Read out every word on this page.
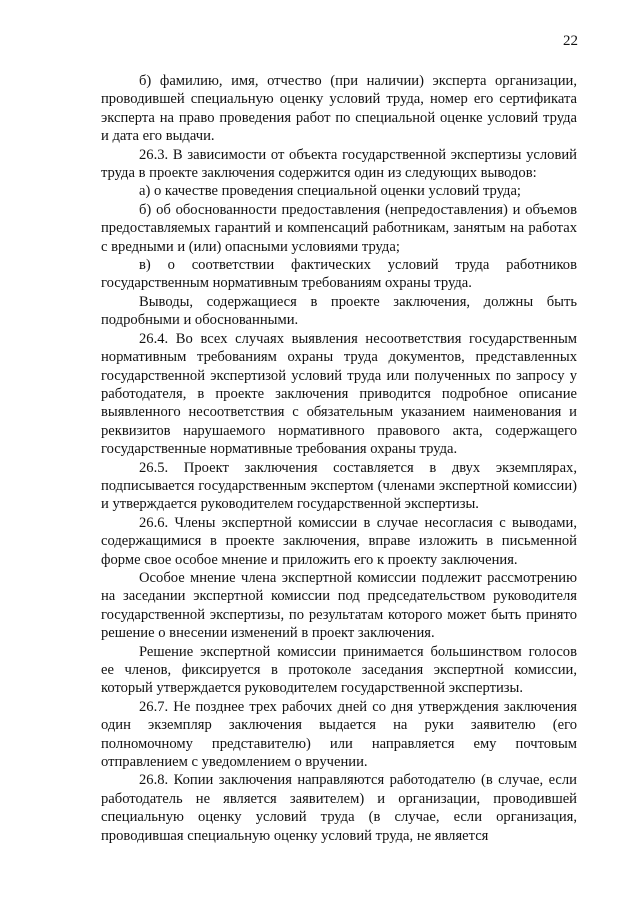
22

б) фамилию, имя, отчество (при наличии) эксперта организации, проводившей специальную оценку условий труда, номер его сертификата эксперта на право проведения работ по специальной оценке условий труда и дата его выдачи.

26.3. В зависимости от объекта государственной экспертизы условий труда в проекте заключения содержится один из следующих выводов:

а) о качестве проведения специальной оценки условий труда;

б) об обоснованности предоставления (непредоставления) и объемов предоставляемых гарантий и компенсаций работникам, занятым на работах с вредными и (или) опасными условиями труда;

в) о соответствии фактических условий труда работников государственным нормативным требованиям охраны труда.

Выводы, содержащиеся в проекте заключения, должны быть подробными и обоснованными.

26.4. Во всех случаях выявления несоответствия государственным нормативным требованиям охраны труда документов, представленных государственной экспертизой условий труда или полученных по запросу у работодателя, в проекте заключения приводится подробное описание выявленного несоответствия с обязательным указанием наименования и реквизитов нарушаемого нормативного правового акта, содержащего государственные нормативные требования охраны труда.

26.5. Проект заключения составляется в двух экземплярах, подписывается государственным экспертом (членами экспертной комиссии) и утверждается руководителем государственной экспертизы.

26.6. Члены экспертной комиссии в случае несогласия с выводами, содержащимися в проекте заключения, вправе изложить в письменной форме свое особое мнение и приложить его к проекту заключения.

Особое мнение члена экспертной комиссии подлежит рассмотрению на заседании экспертной комиссии под председательством руководителя государственной экспертизы, по результатам которого может быть принято решение о внесении изменений в проект заключения.

Решение экспертной комиссии принимается большинством голосов ее членов, фиксируется в протоколе заседания экспертной комиссии, который утверждается руководителем государственной экспертизы.

26.7. Не позднее трех рабочих дней со дня утверждения заключения один экземпляр заключения выдается на руки заявителю (его полномочному представителю) или направляется ему почтовым отправлением с уведомлением о вручении.

26.8. Копии заключения направляются работодателю (в случае, если работодатель не является заявителем) и организации, проводившей специальную оценку условий труда (в случае, если организация, проводившая специальную оценку условий труда, не является
